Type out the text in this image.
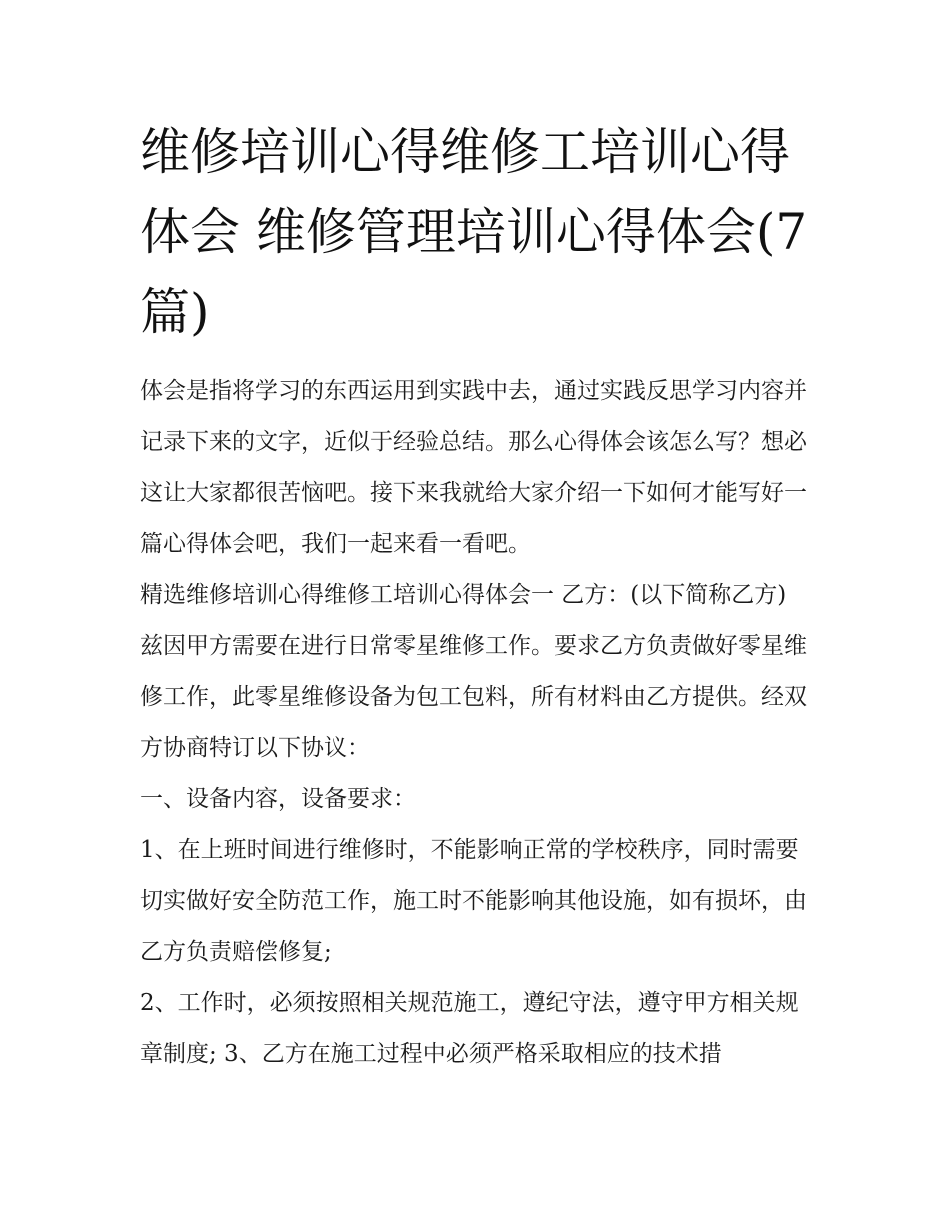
维修培训心得维修工培训心得体会 维修管理培训心得体会(7篇)

体会是指将学习的东西运用到实践中去，通过实践反思学习内容并记录下来的文字，近似于经验总结。那么心得体会该怎么写？想必这让大家都很苦恼吧。接下来我就给大家介绍一下如何才能写好一篇心得体会吧，我们一起来看一看吧。

精选维修培训心得维修工培训心得体会一 乙方：(以下简称乙方)

兹因甲方需要在进行日常零星维修工作。要求乙方负责做好零星维修工作，此零星维修设备为包工包料，所有材料由乙方提供。经双方协商特订以下协议：

一、设备内容，设备要求：

1、在上班时间进行维修时，不能影响正常的学校秩序，同时需要切实做好安全防范工作，施工时不能影响其他设施，如有损坏，由乙方负责赔偿修复;

2、工作时，必须按照相关规范施工，遵纪守法，遵守甲方相关规章制度; 3、乙方在施工过程中必须严格采取相应的技术措
